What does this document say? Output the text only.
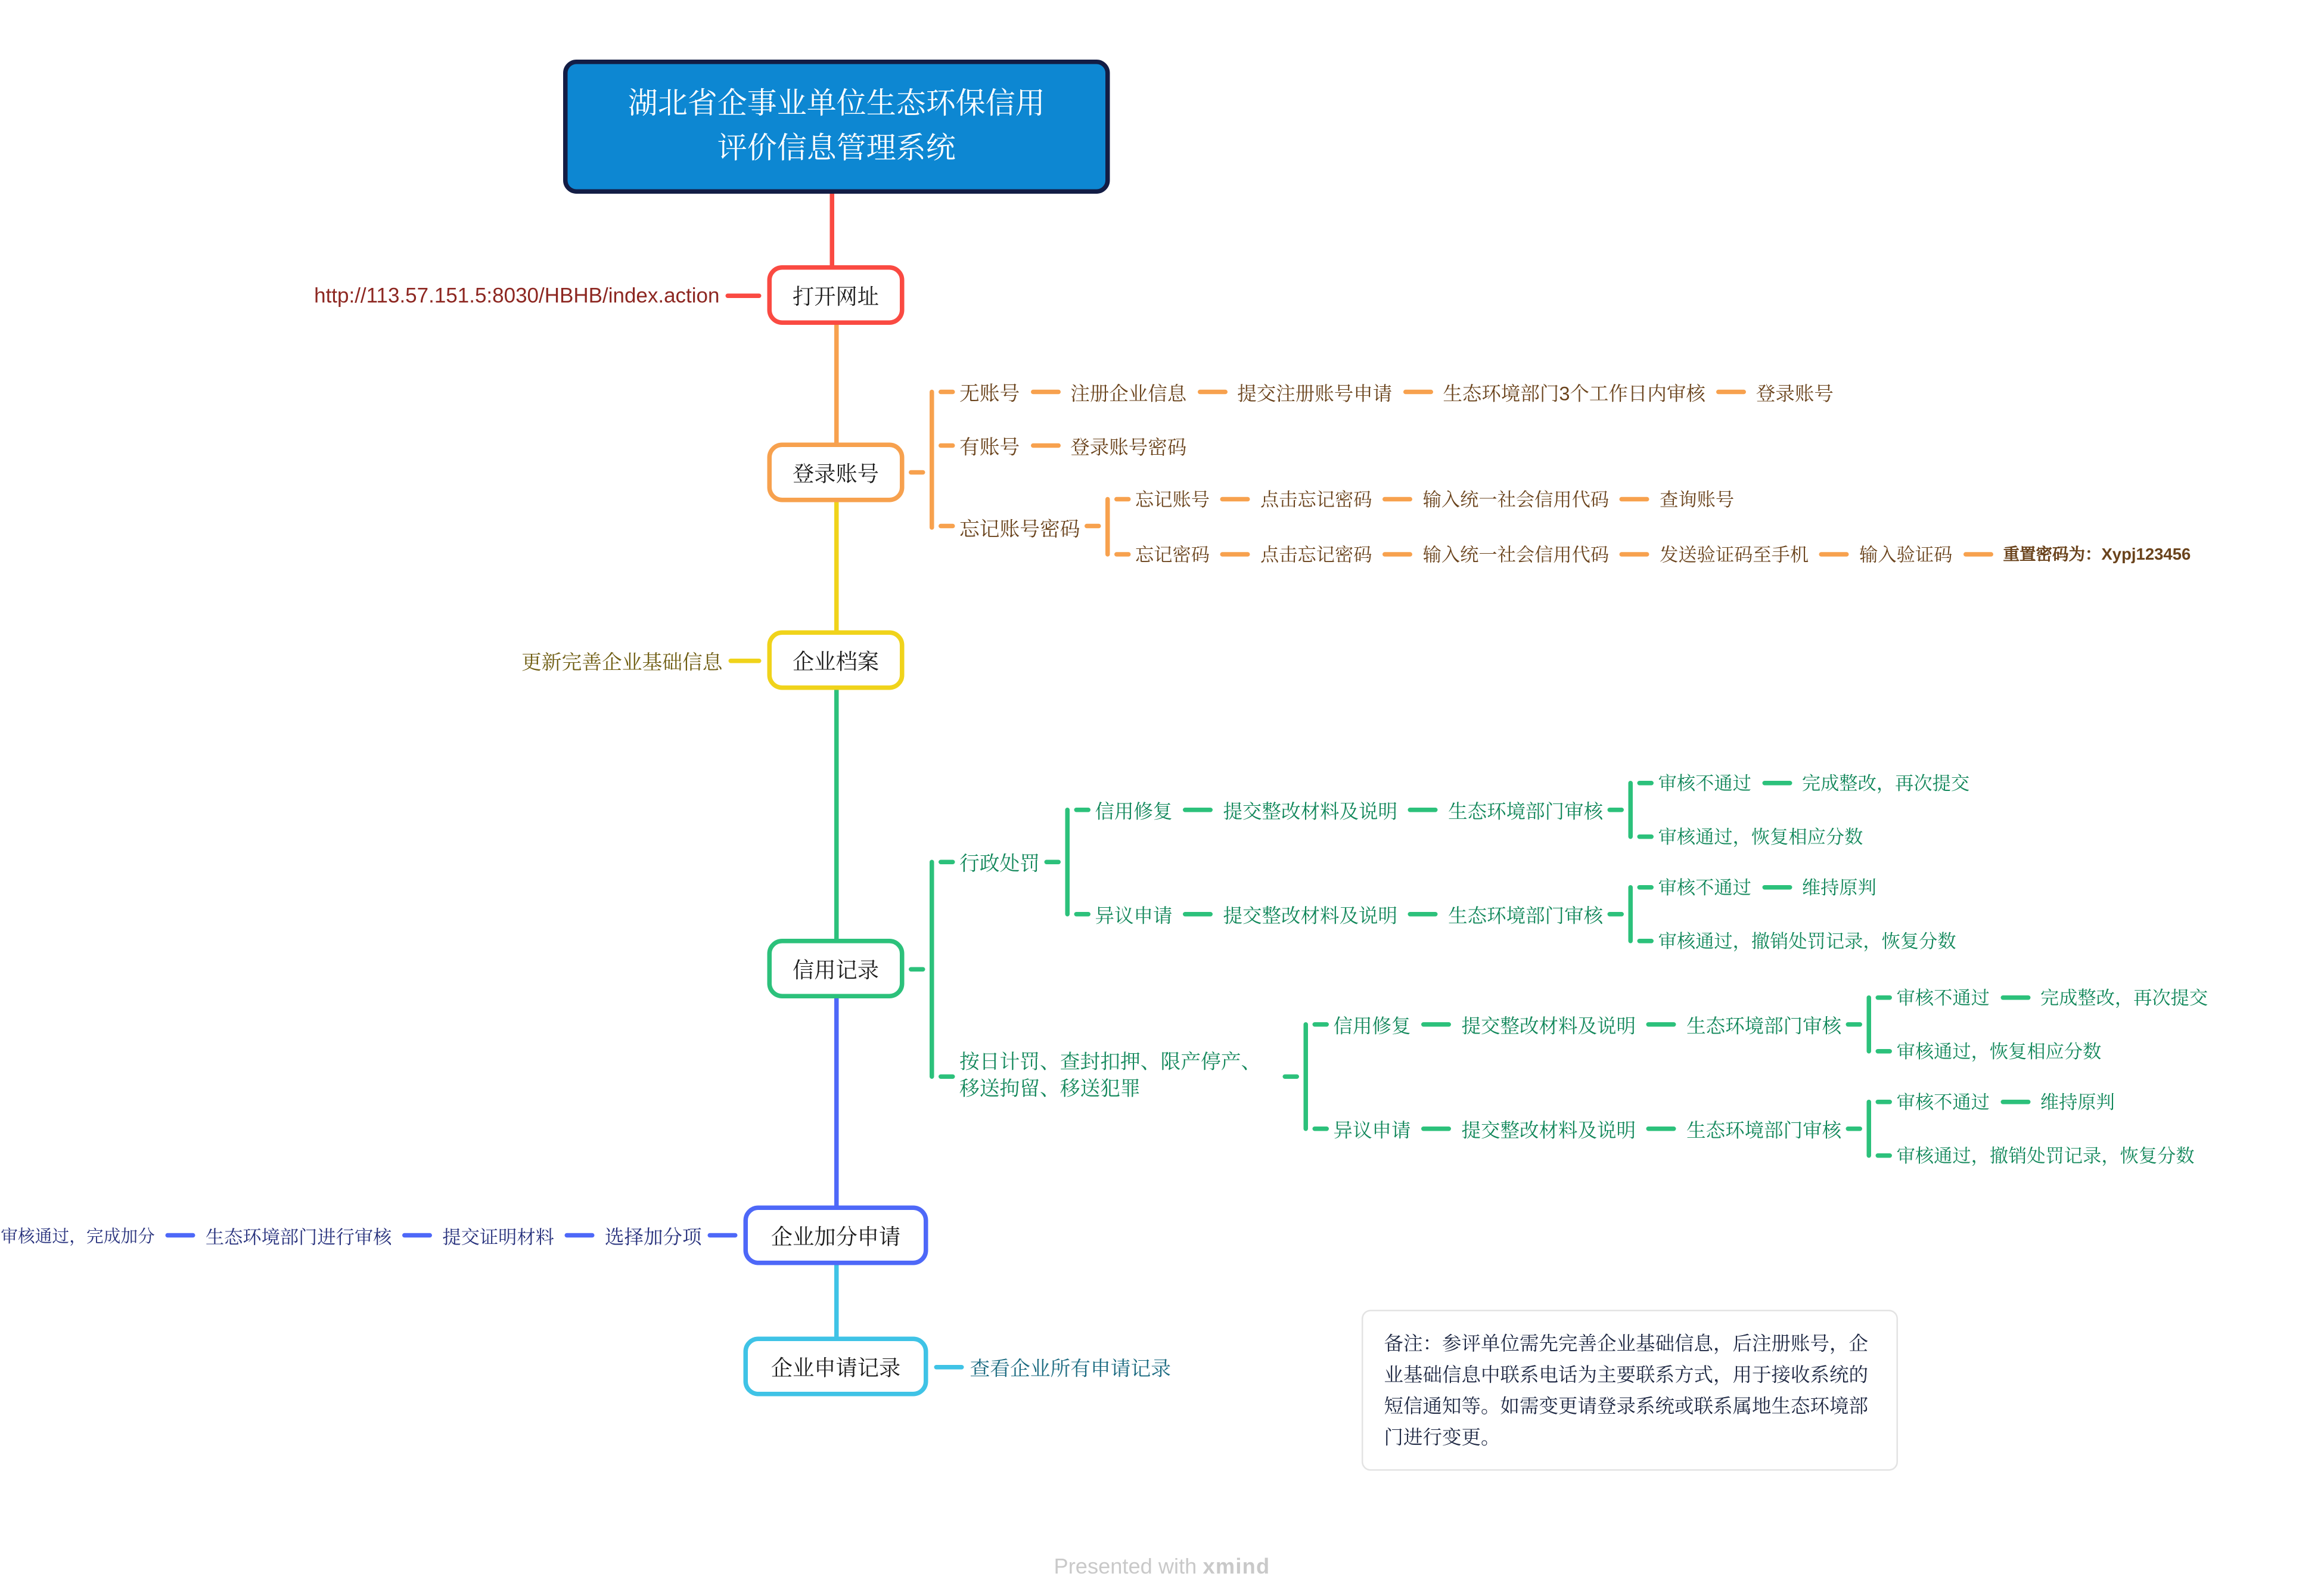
湖北省企事业单位生态环保信用
评价信息管理系统
打开网址
登录账号
企业档案
信用记录
企业加分申请
企业申请记录
http://113.57.151.5:8030/HBHB/index.action
无账号	注册企业信息	提交注册账号申请	生态环境部门3个工作日内审核	登录账号
有账号	登录账号密码
忘记账号密码
忘记账号	点击忘记密码	输入统一社会信用代码	查询账号
忘记密码	点击忘记密码	输入统一社会信用代码	发送验证码至手机	输入验证码	重置密码为：Xypj123456
更新完善企业基础信息
行政处罚
信用修复	提交整改材料及说明	生态环境部门审核
审核不通过	完成整改，再次提交
审核通过，恢复相应分数
异议申请	提交整改材料及说明	生态环境部门审核
审核不通过	维持原判
审核通过，撤销处罚记录，恢复分数
按日计罚、查封扣押、限产停产、移送拘留、移送犯罪
信用修复	提交整改材料及说明	生态环境部门审核
审核不通过	完成整改，再次提交
审核通过，恢复相应分数
异议申请	提交整改材料及说明	生态环境部门审核
审核不通过	维持原判
审核通过，撤销处罚记录，恢复分数
审核通过，完成加分	生态环境部门进行审核	提交证明材料	选择加分项
查看企业所有申请记录
备注：参评单位需先完善企业基础信息，后注册账号，企业基础信息中联系电话为主要联系方式，用于接收系统的短信通知等。如需变更请登录系统或联系属地生态环境部门进行变更。
Presented with xmind
